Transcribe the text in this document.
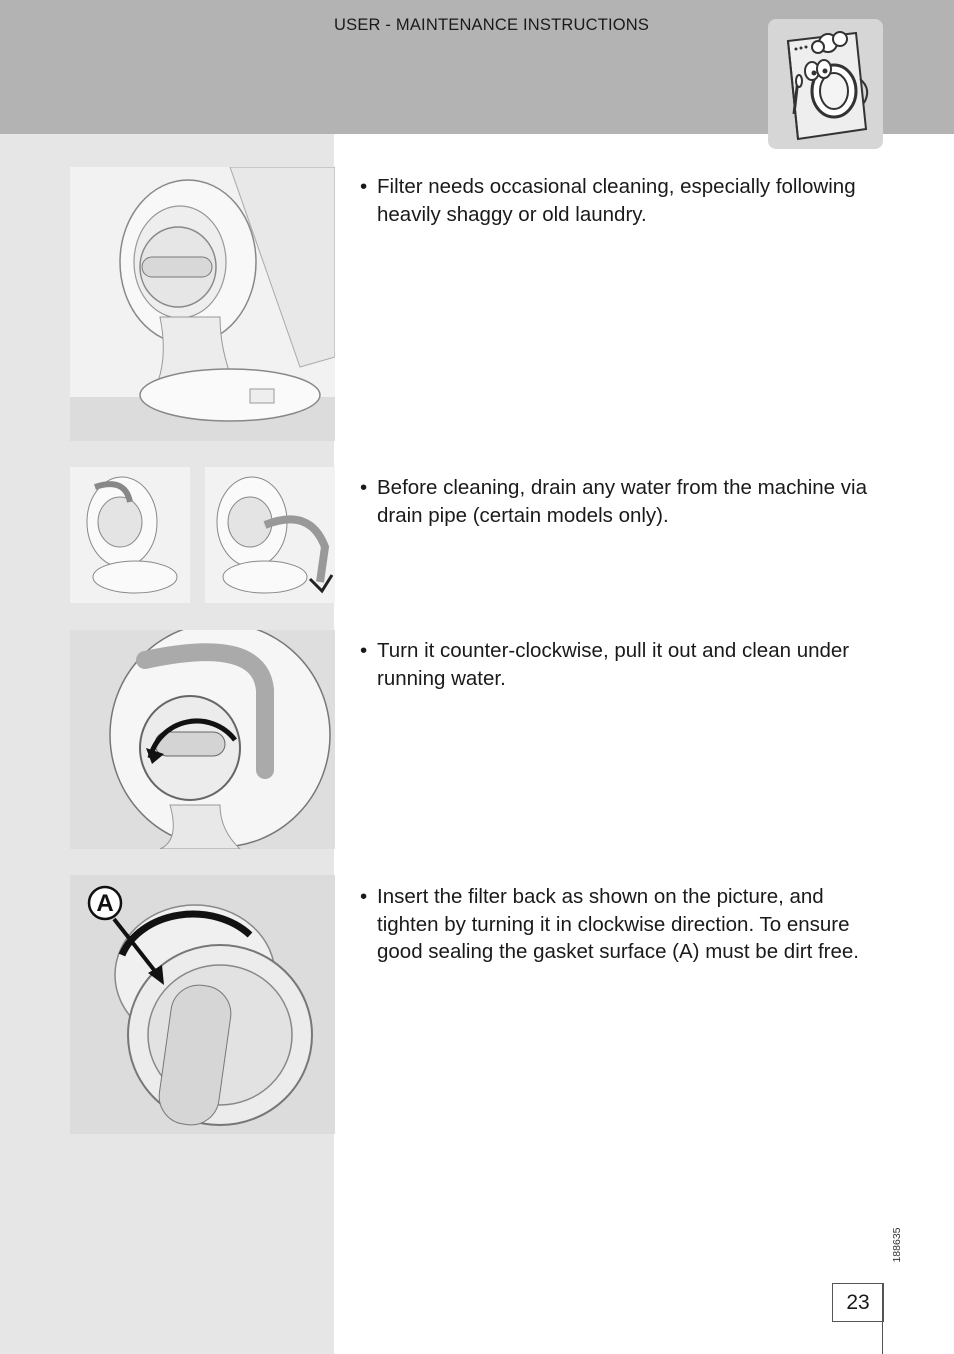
USER - MAINTENANCE INSTRUCTIONS
A
• Filter needs occasional cleaning, especially following heavily shaggy or old laundry.
• Before cleaning, drain any water from the machine via drain pipe (certain models only).
• Turn it counter-clockwise, pull it out and clean under running water.
• Insert the filter back as shown on the picture, and tighten by turning it in clockwise direction. To ensure good sealing the gasket surface (A) must be dirt free.
188635
23
